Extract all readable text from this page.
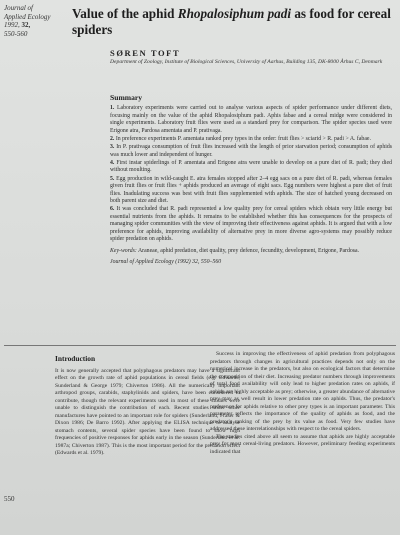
Journal of
Applied Ecology
1992, 32,
550-560
Value of the aphid Rhopalosiphum padi as food for cereal spiders
SØREN TOFT
Department of Zoology, Institute of Biological Sciences, University of Aarhus, Building 135, DK-8000 Århus C, Denmark
Summary

1. Laboratory experiments were carried out to analyse various aspects of spider performance under different diets, focusing mainly on the value of the aphid Rhopalosiphum padi. Aphis fabae and a cereal midge were considered in single experiments. Laboratory fruit flies were used as a standard prey for comparison. The spider species used were Erigone atra, Pardosa amentata and P. prativaga.

2. In preference experiments P. amentata ranked prey types in the order: fruit flies > sciarid > R. padi > A. fabae.

3. In P. prativaga consumption of fruit flies increased with the length of prior starvation period; consumption of aphids was much lower and independent of hunger.

4. First instar spiderlings of P. amentata and Erigone atra were unable to develop on a pure diet of R. padi; they died without moulting.

5. Egg production in wild-caught E. atra females stopped after 2–4 egg sacs on a pure diet of R. padi, whereas females given fruit flies or fruit flies + aphids produced an average of eight sacs. Egg numbers were highest a pure diet of fruit flies. Inadulating success was best with fruit flies supplemented with aphids. The size of hatched young decreased on both parent size and diet.

6. It was concluded that R. padi represented a low quality prey for cereal spiders which obtain very little energy but essential nutrients from the aphids. It remains to be established whether this has consequences for the prospects of managing spider communities with the view of improving their effectiveness against aphids. It is argued that with a low preference for aphids, improving availability of alternative prey in more diverse agro-systems may possibly reduce spider predation on aphids.

Key-words: Araneae, aphid predation, diet quality, prey defence, fecundity, development, Erigone, Pardosa.
Journal of Applied Ecology (1992) 32, 550–560
Introduction

It is now generally accepted that polyphagous predators may have a significant effect on the growth rate of aphid populations in cereal fields (e.g. Edwards, Sunderland & George 1979; Chiverton 1986). All the numerically important arthropod groups, carabids, staphylinids and spiders, have been considered to contribute, though the relevant experiments used in most of these studies were unable to distinguish the contribution of each. Recent studies under other manufactures have pointed to an important role for spiders (Sunderland, Fraser & Dixon 1986; De Barro 1992). After applying the ELISA technique to analyse stomach contents, several spider species have been found to show high frequencies of positive responses for aphids early in the season (Sunderland et al. 1987a; Chiverton 1987). This is the most important period for the predation effect (Edwards et al. 1979).

Success in improving the effectiveness of aphid predation from polyphagous predators through changes in agricultural practices depends not only on the numerical increase in the predators, but also on ecological factors that determine the composition of their diet. Increasing predator numbers through improvements of total food availability will only lead to higher predation rates on aphids, if aphids are highly acceptable as prey; otherwise, a greater abundance of alternative prey may as well result in lower predation rate on aphids. Thus, the predator's preference for aphids relative to other prey types is an important parameter. This parameter reflects the importance of the quality of aphids as food, and the predator's ranking of the prey by its value as food. Very few studies have addressed these interrelationships with respect to the cereal spiders.

The studies cited above all seem to assume that aphids are highly acceptable prey for most cereal-living predators. However, preliminary feeding experiments indicated that

550
